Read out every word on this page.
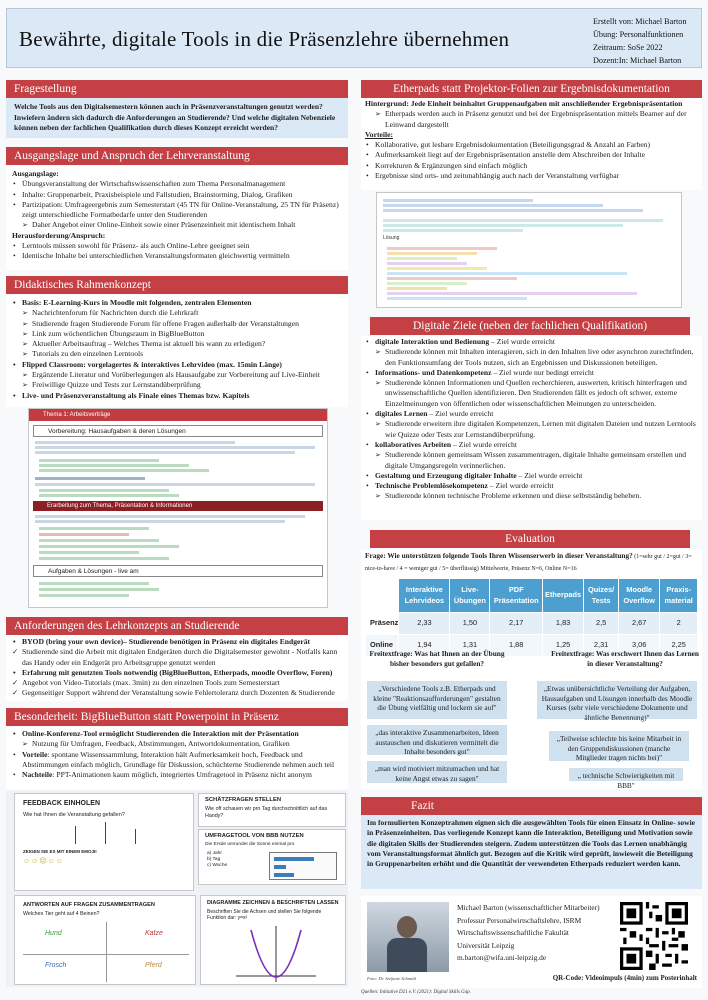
Bewährte, digitale Tools in die Präsenzlehre übernehmen
Erstellt von: Michael Barton
Übung: Personalfunktionen
Zeitraum: SoSe 2022
Dozent:In: Michael Barton
Fragestellung

Welche Tools aus den Digitalsemestern können auch in Präsenzveranstaltungen genutzt werden? Inwiefern ändern sich dadurch die Anforderungen an Studierende? Und welche digitalen Nebenziele können neben der fachlichen Qualifikation durch dieses Konzept erreicht werden?

Ausgangslage und Anspruch der Lehrveranstaltung

Ausgangslage:

• Übungsveranstaltung der Wirtschaftswissenschaften zum Thema Personalmanagement
• Inhalte: Gruppenarbeit, Praxisbeispiele und Fallstudien, Brainstorming, Dialog, Grafiken
• Partizipation: Umfrageergebnis zum Semesterstart (45 TN für Online-Veranstaltung, 25 TN für Präsenz) zeigt unterschiedliche Formatbedarfe unter den Studierenden
➢ Daher Angebot einer Online-Einheit sowie einer Präsenzeinheit mit identischem Inhalt

Herausforderung/Anspruch:

• Lerntools müssen sowohl für Präsenz- als auch Online-Lehre geeignet sein
• Identische Inhalte bei unterschiedlichen Veranstaltungsformaten gleichwertig vermitteln
Didaktisches Rahmenkonzept
• Basis: E-Learning-Kurs in Moodle mit folgenden, zentralen Elementen
➢ Nachrichtenforum für Nachrichten durch die Lehrkraft
➢ Studierende fragen Studierende Forum für offene Fragen außerhalb der Veranstaltungen
➢ Link zum wöchentlichen Übungsraum in BigBlueButton
➢ Aktueller Arbeitsauftrag – Welches Thema ist aktuell bis wann zu erledigen?
➢ Tutorials zu den einzelnen Lerntools
• Flipped Classroom: vorgelagertes & interaktives Lehrvideo (max. 15min Länge)
➢ Ergänzende Literatur und Vorüberlegungen als Hausaufgabe zur Vorbereitung auf Live-Einheit
➢ Freiwillige Quizze und Tests zur Lernstandüberprüfung
• Live- und Präsenzveranstaltung als Finale eines Themas bzw. Kapitels
Thema 1: Arbeitsverträge
Vorbereitung: Hausaufgaben & deren Lösungen
Erarbeitung zum Thema, Präsentation & Informationen
Aufgaben & Lösungen - live am
Anforderungen des Lehrkonzepts an Studierende
• BYOD (bring your own device)– Studierende benötigen in Präsenz ein digitales Endgerät
✓ Studierende sind die Arbeit mit digitalen Endgeräten durch die Digitalsemester gewohnt - Notfalls kann das Handy oder ein Endgerät pro Arbeitsgruppe genutzt werden
• Erfahrung mit genutzten Tools notwendig (BigBlueButton, Etherpads, moodle Overflow, Foren)
✓ Angebot von Video-Tutorials (max. 3min) zu den einzelnen Tools zum Semesterstart
✓ Gegenseitiger Support während der Veranstaltung sowie Fehlertoleranz durch Dozenten & Studierende
Besonderheit: BigBlueButton statt Powerpoint in Präsenz
• Online-Konferenz-Tool ermöglicht Studierenden die Interaktion mit der Präsentation
➢ Nutzung für Umfragen, Feedback, Abstimmungen, Antwortdokumentation, Grafiken
• Vorteile: spontane Wissenssammlung, Interaktion hält Aufmerksamkeit hoch, Feedback und Abstimmungen einfach möglich, Grundlage für Diskussion, schüchterne Studierende nehmen auch teil
• Nachteile: PPT-Animationen kaum möglich, integriertes Umfragetool in Präsenz nicht anonym
FEEDBACK EINHOLEN
Wie hat Ihnen die Veranstaltung gefallen?
ZEIGEN SIE ES MIT EINEM EMOJI!
☺☺☹☺☺
SCHÄTZFRAGEN STELLEN
Wie oft schauen wir pro Tag durchschnittlich auf das Handy?
UMFRAGETOOL VON BBB NUTZEN
Die Ersde umrundet die Sonne einmal pro
a) Jahr
b) Tag
c) Woche
ANTWORTEN AUF FRAGEN ZUSAMMENTRAGEN
Welches Tier geht auf 4 Beinen?
Hund	Katze
Frosch	Pferd
DIAGRAMME ZEICHNEN & BESCHRIFTEN LASSEN
Beschriften Sie die Achsen und stellen Sie folgende Funktion dar: y=x²
Etherpads statt Projektor-Folien zur Ergebnisdokumentation

Hintergrund: Jede Einheit beinhaltet Gruppenaufgaben mit anschließender Ergebnispräsentation

➢ Etherpads werden auch in Präsenz genutzt und bei der Ergebnispräsentation mittels Beamer auf der Leinwand dargestellt

Vorteile:

• Kollaborative, gut lesbare Ergebnisdokumentation (Beteiligungsgrad & Anzahl an Farben)
• Aufmerksamkeit liegt auf der Ergebnispräsentation anstelle dem Abschreiben der Inhalte
• Korrekturen & Ergänzungen sind einfach möglich
• Ergebnisse sind orts- und zeitunabhängig auch nach der Veranstaltung verfügbar
Lösung
Digitale Ziele (neben der fachlichen Qualifikation)
• digitale Interaktion und Bedienung – Ziel wurde erreicht
➢ Studierende können mit Inhalten interagieren, sich in den Inhalten live oder asynchron zurechtfinden, den Funktionsumfang der Tools nutzen, sich an Ergebnissen und Diskussionen beteiligen.
• Informations- und Datenkompetenz – Ziel wurde nur bedingt erreicht
➢ Studierende können Informationen und Quellen recherchieren, auswerten, kritisch hinterfragen und unwissenschaftliche Quellen identifizieren. Den Studierenden fällt es jedoch oft schwer, externe Einzelmeinungen von öffentlichen oder wissenschaftlichen Meinungen zu unterscheiden.
• digitales Lernen – Ziel wurde erreicht
➢ Studierende erweitern ihre digitalen Kompetenzen, Lernen mit digitalen Dateien und nutzen Lerntools wie Quizze oder Tests zur Lernstandüberprüfung.
• kollaboratives Arbeiten – Ziel wurde erreicht
➢ Studierende können gemeinsam Wissen zusammentragen, digitale Inhalte gemeinsam erstellen und digitale Umgangsregeln verinnerlichen.
• Gestaltung und Erzeugung digitaler Inhalte – Ziel wurde erreicht
• Technische Problemlösekompetenz – Ziel wurde erreicht
➢ Studierende können technische Probleme erkennen und diese selbstständig beheben.
Evaluation

Frage: Wie unterstützen folgende Tools Ihren Wissenserwerb in dieser Veranstaltung? (1=sehr gut / 2=gut / 3= nice-to-have / 4 = weniger gut / 5= überflüssig) Mittelwerte, Präsenz N=6, Online N=16

	Interaktive Lehrvideos	Live-Übungen	PDF Präsentation	Etherpads	Quizes/ Tests	Moodle Overflow	Praxis-material
Präsenz	2,33	1,50	2,17	1,83	2,5	2,67	2
Online	1,94	1,31	1,88	1,25	2,31	3,06	2,25
Freitextfrage: Was hat Ihnen an der Übung bisher besonders gut gefallen?
Freitextfrage: Was erschwert Ihnen das Lernen in dieser Veranstaltung?
„Verschiedene Tools z.B. Etherpads und kleine "Reaktionsaufforderungen" gestalten die Übung vielfältig und lockern sie auf"
„das interaktive Zusammenarbeiten, Ideen austauschen und diskutieren vermittelt die Inhalte besonders gut"
„man wird motiviert mitzumachen und hat keine Angst etwas zu sagen"
„Etwas unübersichtliche Verteilung der Aufgaben, Hausaufgaben und Lösungen innerhalb des Moodle Kurses (sehr viele verschiedene Dokumente und ähnliche Benennung)"
„Teilweise schlechte bis keine Mitarbeit in den Gruppendiskussionen (manche Mitglieder tragen nichts bei)"
„ technische Schwierigkeiten mit BBB"
Fazit

Im formulierten Konzeptrahmen eignen sich die ausgewählten Tools für einen Einsatz in Online- sowie in Präsenzeinheiten. Das vorliegende Konzept kann die Interaktion, Beteiligung und Motivation sowie die digitalen Skills der Studierenden steigern. Zudem unterstützen die Tools das Lernen unabhängig vom Veranstaltungsformat ähnlich gut. Bezogen auf die Kritik wird geprüft, inwieweit die Beteiligung in Gruppenarbeiten erhöht und die Quantität der verwendeten Etherpads reduziert werden kann.

Foto: Dr. Stefanie Schmidt
Michael Barton (wissenschaftlicher Mitarbeiter)
Professur Personalwirtschaftslehre, ISRM
Wirtschaftswissenschaftliche Fakultät
Universität Leipzig
m.barton@wifa.uni-leipzig.de
QR-Code: Videoimpuls (4min) zum Posterinhalt
Quellen: Initiative D21 e.V. (2021): Digital Skills Gap.
